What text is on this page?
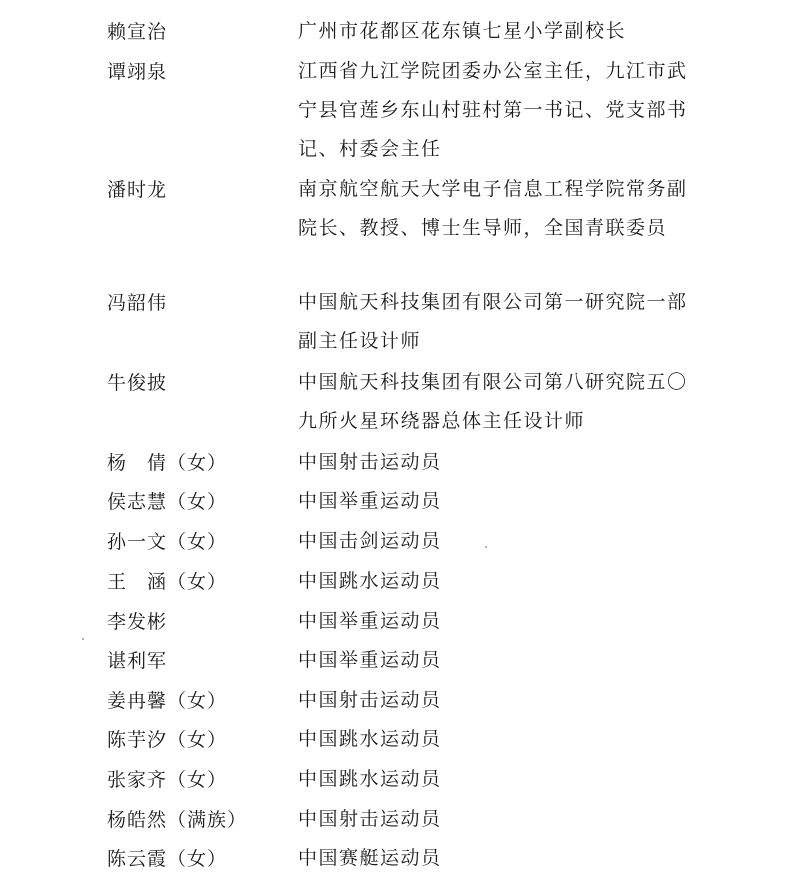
赖宣治	广州市花都区花东镇七星小学副校长
谭翊泉	江西省九江学院团委办公室主任，九江市武
宁县官莲乡东山村驻村第一书记、党支部书
记、村委会主任
潘时龙	南京航空航天大学电子信息工程学院常务副
院长、教授、博士生导师，全国青联委员
冯韶伟	中国航天科技集团有限公司第一研究院一部
副主任设计师
牛俊披	中国航天科技集团有限公司第八研究院五〇
九所火星环绕器总体主任设计师
杨　倩（女）	中国射击运动员
侯志慧（女）	中国举重运动员
孙一文（女）	中国击剑运动员
王　涵（女）	中国跳水运动员
李发彬	中国举重运动员
谌利军	中国举重运动员
姜冉馨（女）	中国射击运动员
陈芋汐（女）	中国跳水运动员
张家齐（女）	中国跳水运动员
杨皓然（满族）	中国射击运动员
陈云霞（女）	中国赛艇运动员
